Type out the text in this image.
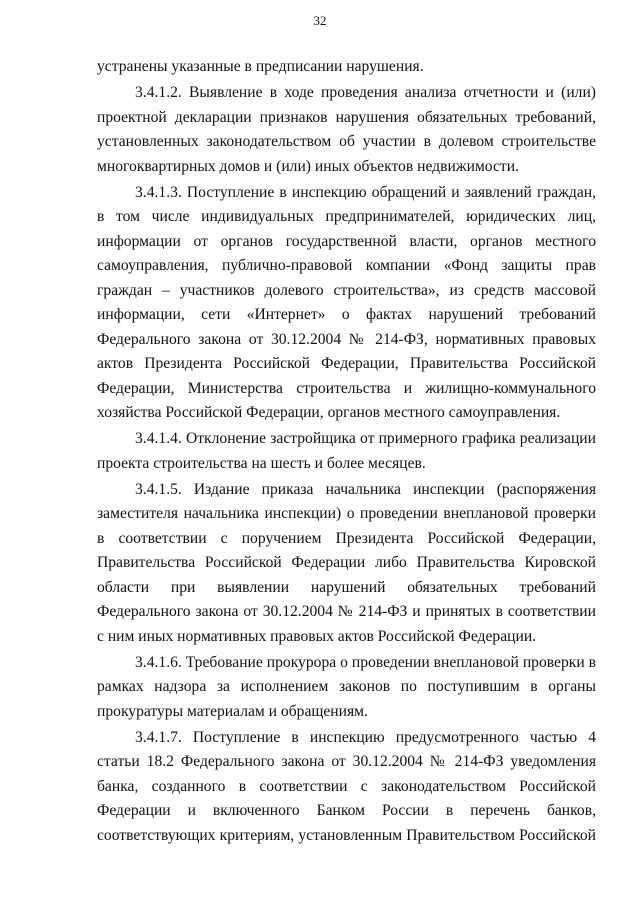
32

устранены указанные в предписании нарушения.

3.4.1.2. Выявление в ходе проведения анализа отчетности и (или) проектной декларации признаков нарушения обязательных требований, установленных законодательством об участии в долевом строительстве многоквартирных домов и (или) иных объектов недвижимости.

3.4.1.3. Поступление в инспекцию обращений и заявлений граждан, в том числе индивидуальных предпринимателей, юридических лиц, информации от органов государственной власти, органов местного самоуправления, публично-правовой компании «Фонд защиты прав граждан – участников долевого строительства», из средств массовой информации, сети «Интернет» о фактах нарушений требований Федерального закона от 30.12.2004 № 214-ФЗ, нормативных правовых актов Президента Российской Федерации, Правительства Российской Федерации, Министерства строительства и жилищно-коммунального хозяйства Российской Федерации, органов местного самоуправления.

3.4.1.4. Отклонение застройщика от примерного графика реализации проекта строительства на шесть и более месяцев.

3.4.1.5. Издание приказа начальника инспекции (распоряжения заместителя начальника инспекции) о проведении внеплановой проверки в соответствии с поручением Президента Российской Федерации, Правительства Российской Федерации либо Правительства Кировской области при выявлении нарушений обязательных требований Федерального закона от 30.12.2004 № 214-ФЗ и принятых в соответствии с ним иных нормативных правовых актов Российской Федерации.

3.4.1.6. Требование прокурора о проведении внеплановой проверки в рамках надзора за исполнением законов по поступившим в органы прокуратуры материалам и обращениям.

3.4.1.7. Поступление в инспекцию предусмотренного частью 4 статьи 18.2 Федерального закона от 30.12.2004 № 214-ФЗ уведомления банка, созданного в соответствии с законодательством Российской Федерации и включенного Банком России в перечень банков, соответствующих критериям, установленным Правительством Российской
